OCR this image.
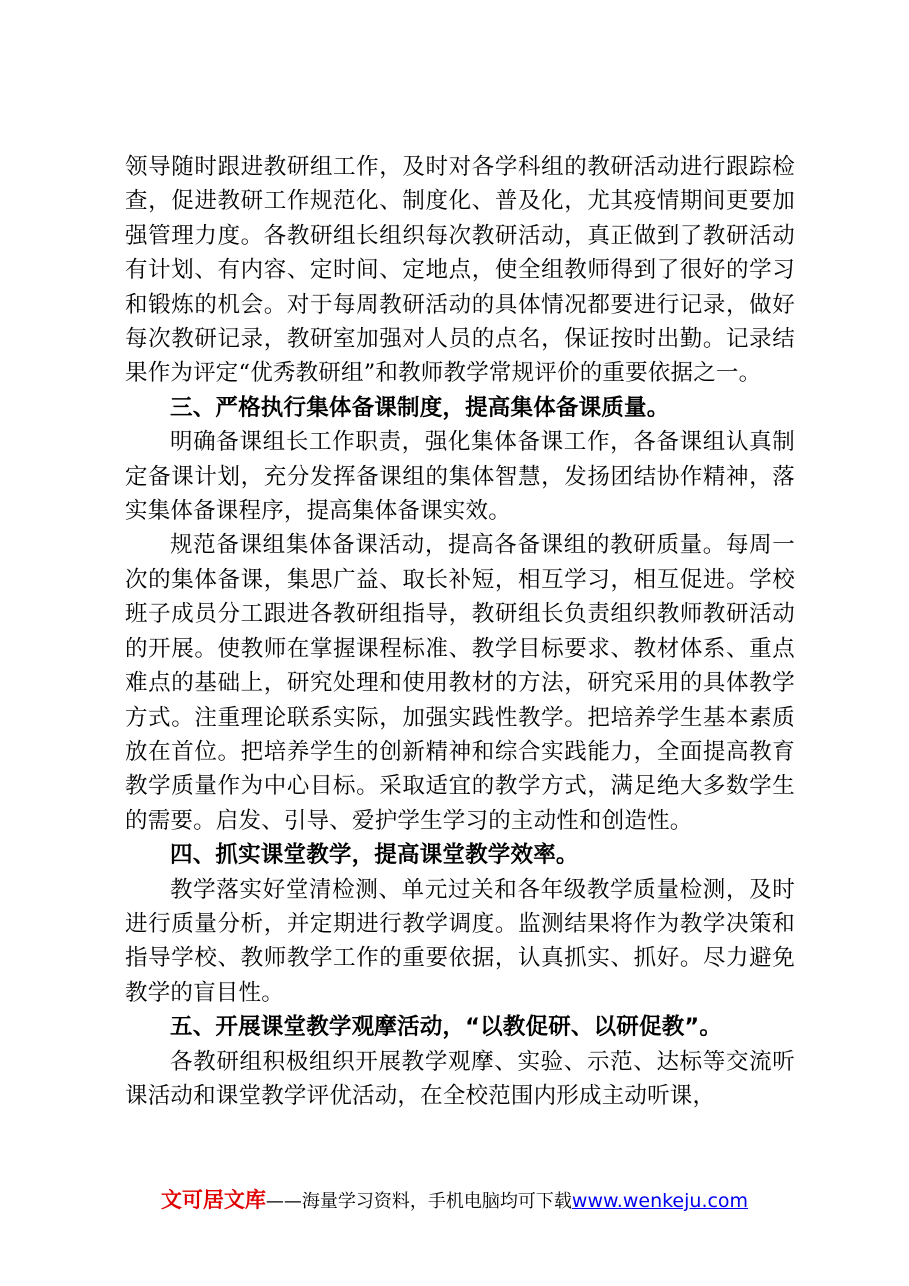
领导随时跟进教研组工作，及时对各学科组的教研活动进行跟踪检查，促进教研工作规范化、制度化、普及化，尤其疫情期间更要加强管理力度。各教研组长组织每次教研活动，真正做到了教研活动有计划、有内容、定时间、定地点，使全组教师得到了很好的学习和锻炼的机会。对于每周教研活动的具体情况都要进行记录，做好每次教研记录，教研室加强对人员的点名，保证按时出勤。记录结果作为评定“优秀教研组”和教师教学常规评价的重要依据之一。

三、严格执行集体备课制度，提高集体备课质量。

明确备课组长工作职责，强化集体备课工作，各备课组认真制定备课计划，充分发挥备课组的集体智慧，发扬团结协作精神，落实集体备课程序，提高集体备课实效。

规范备课组集体备课活动，提高各备课组的教研质量。每周一次的集体备课，集思广益、取长补短，相互学习，相互促进。学校班子成员分工跟进各教研组指导，教研组长负责组织教师教研活动的开展。使教师在掌握课程标准、教学目标要求、教材体系、重点难点的基础上，研究处理和使用教材的方法，研究采用的具体教学方式。注重理论联系实际，加强实践性教学。把培养学生基本素质放在首位。把培养学生的创新精神和综合实践能力，全面提高教育教学质量作为中心目标。采取适宜的教学方式，满足绝大多数学生的需要。启发、引导、爱护学生学习的主动性和创造性。

四、抓实课堂教学，提高课堂教学效率。

教学落实好堂清检测、单元过关和各年级教学质量检测，及时进行质量分析，并定期进行教学调度。监测结果将作为教学决策和指导学校、教师教学工作的重要依据，认真抓实、抓好。尽力避免教学的盲目性。

五、开展课堂教学观摩活动，“以教促研、以研促教”。

各教研组积极组织开展教学观摩、实验、示范、达标等交流听课活动和课堂教学评优活动，在全校范围内形成主动听课，

文可居文库——海量学习资料，手机电脑均可下载www.wenkeju.com
